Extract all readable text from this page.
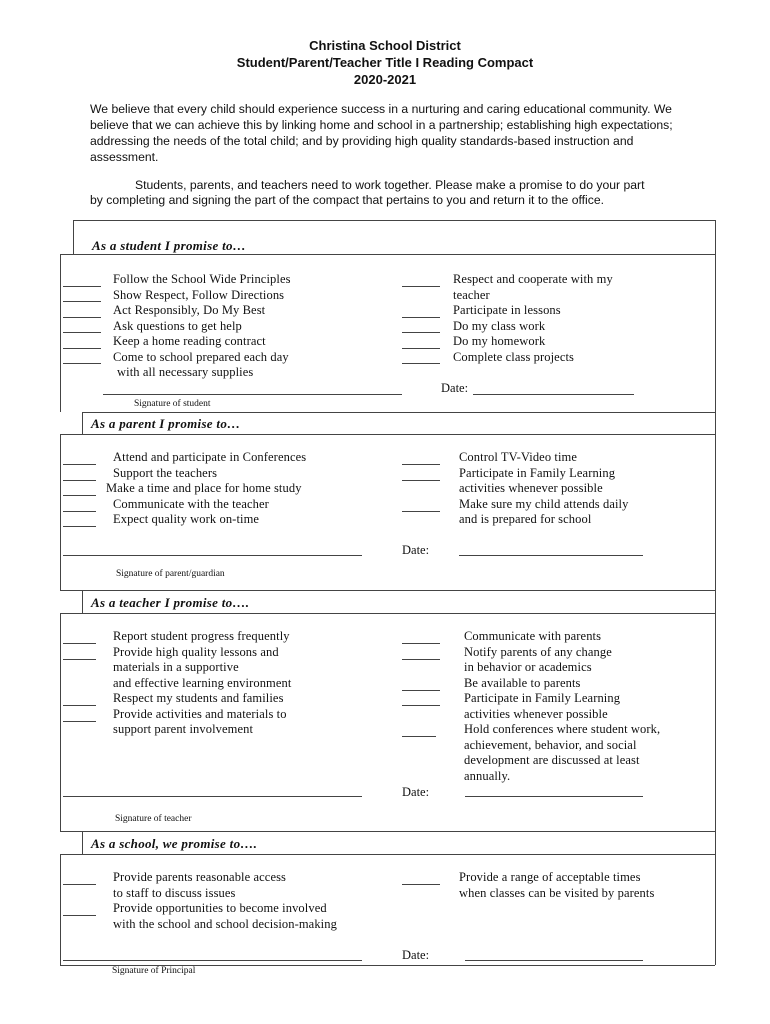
Christina School District
Student/Parent/Teacher Title I Reading Compact
2020-2021
We believe that every child should experience success in a nurturing and caring educational community. We believe that we can achieve this by linking home and school in a partnership; establishing high expectations; addressing the needs of the total child; and by providing high quality standards-based instruction and assessment.
Students, parents, and teachers need to work together. Please make a promise to do your part
by completing and signing the part of the compact that pertains to you and return it to the office.
As a student I promise to…
Follow the School Wide Principles
Show Respect, Follow Directions
Act Responsibly, Do My Best
Ask questions to get help
Keep a home reading contract
Come to school prepared each day
with all necessary supplies
Respect and cooperate with my
teacher
Participate in lessons
Do my class work
Do my homework
Complete class projects
Date:
Signature of student
As a parent I promise to…
Attend and participate in Conferences
Support the teachers
Make a time and place for home study
Communicate with the teacher
Expect quality work on-time
Control TV-Video time
Participate in Family Learning
activities whenever possible
Make sure my child attends daily
and is prepared for school
Date:
Signature of parent/guardian
As a teacher I promise to….
Report student progress frequently
Provide high quality lessons and
materials in a supportive
and effective learning environment
Respect my students and families
Provide activities and materials to
support parent involvement
Communicate with parents
Notify parents of any change
in behavior or academics
Be available to parents
Participate in Family Learning
activities whenever possible
Hold conferences where student work,
achievement, behavior, and social
development are discussed at least
annually.
Date:
Signature of teacher
As a school, we promise to….
Provide parents reasonable access
to staff to discuss issues
Provide opportunities to become involved
with the school and school decision-making
Provide a range of acceptable times
when classes can be visited by parents
Date:
Signature of Principal
